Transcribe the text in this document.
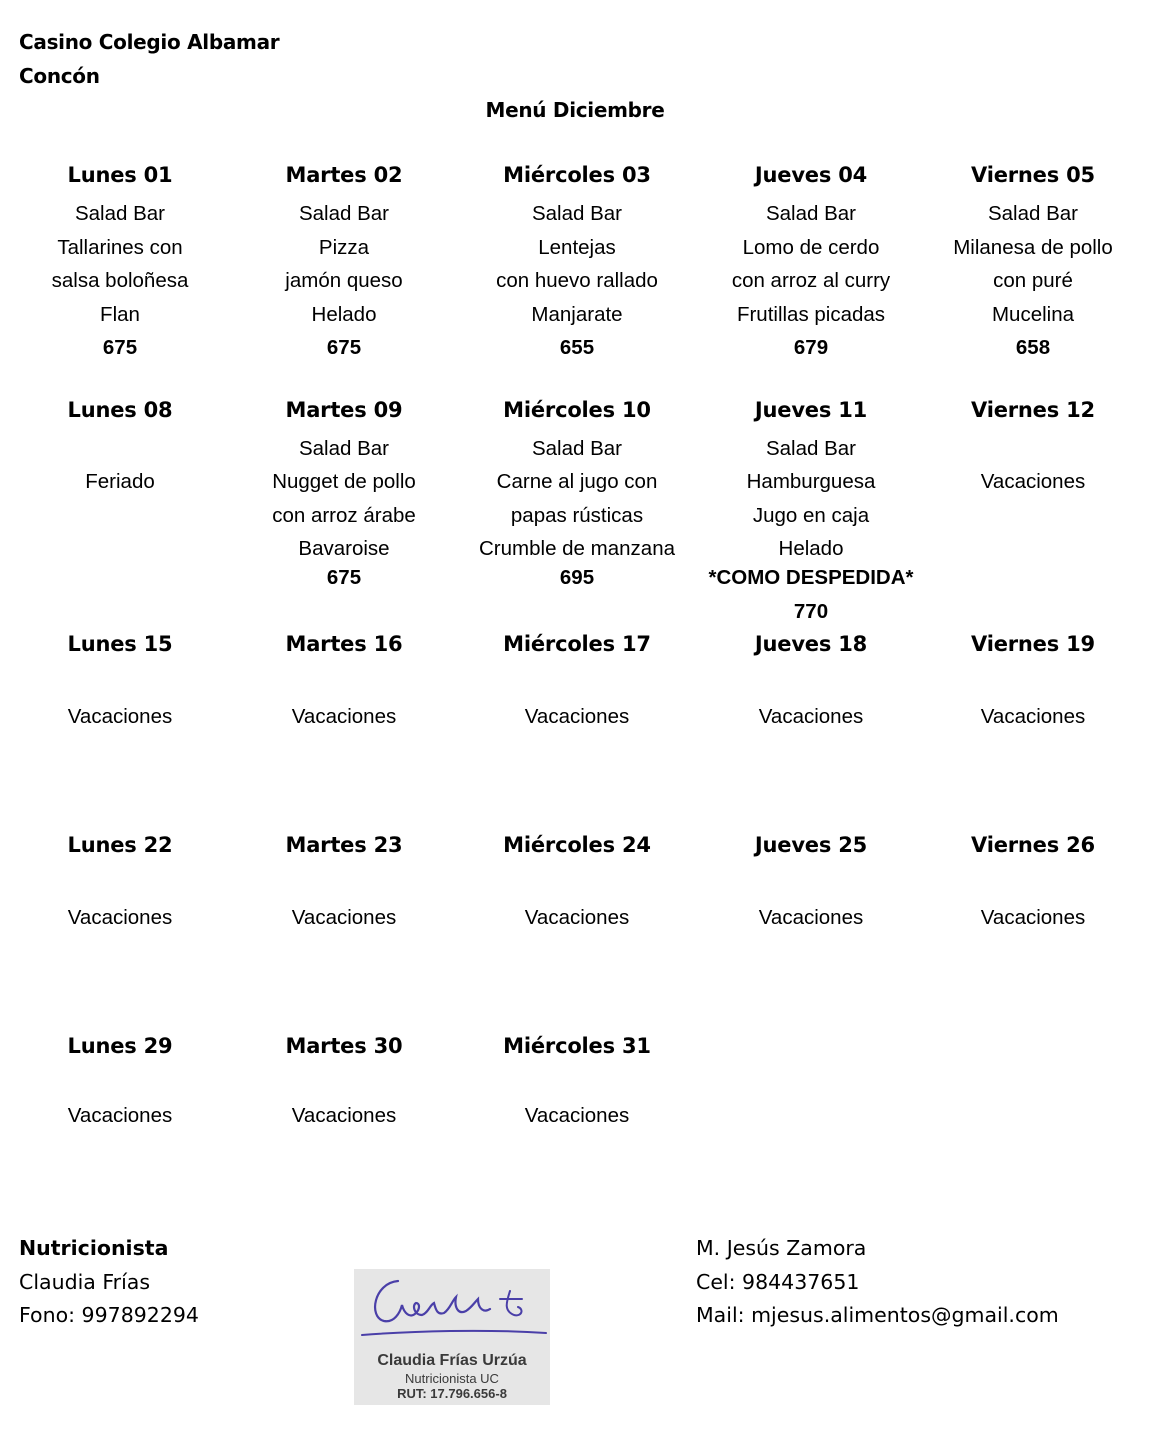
Casino Colegio Albamar
Concón
Menú Diciembre
Lunes 01
Salad Bar
Tallarines con
salsa boloñesa
Flan
675
Martes 02
Salad Bar
Pizza
jamón queso
Helado
675
Miércoles 03
Salad Bar
Lentejas
con huevo rallado
Manjarate
655
Jueves 04
Salad Bar
Lomo de cerdo
con arroz al curry
Frutillas picadas
679
Viernes 05
Salad Bar
Milanesa de pollo
con puré
Mucelina
658
Lunes 08
Feriado
Martes 09
Salad Bar
Nugget de pollo
con arroz árabe
Bavaroise
675
Miércoles 10
Salad Bar
Carne al jugo con
papas rústicas
Crumble de manzana
695
Jueves 11
Salad Bar
Hamburguesa
Jugo en caja
Helado
*COMO DESPEDIDA*
770
Viernes 12
Vacaciones
Lunes 15
Vacaciones
Martes 16
Vacaciones
Miércoles 17
Vacaciones
Jueves 18
Vacaciones
Viernes 19
Vacaciones
Lunes 22
Vacaciones
Martes 23
Vacaciones
Miércoles 24
Vacaciones
Jueves 25
Vacaciones
Viernes 26
Vacaciones
Lunes 29
Vacaciones
Martes 30
Vacaciones
Miércoles 31
Vacaciones
Nutricionista
Claudia Frías
Fono: 997892294
Claudia Frías Urzúa
Nutricionista UC
RUT: 17.796.656-8
M. Jesús Zamora
Cel: 984437651
Mail: mjesus.alimentos@gmail.com
